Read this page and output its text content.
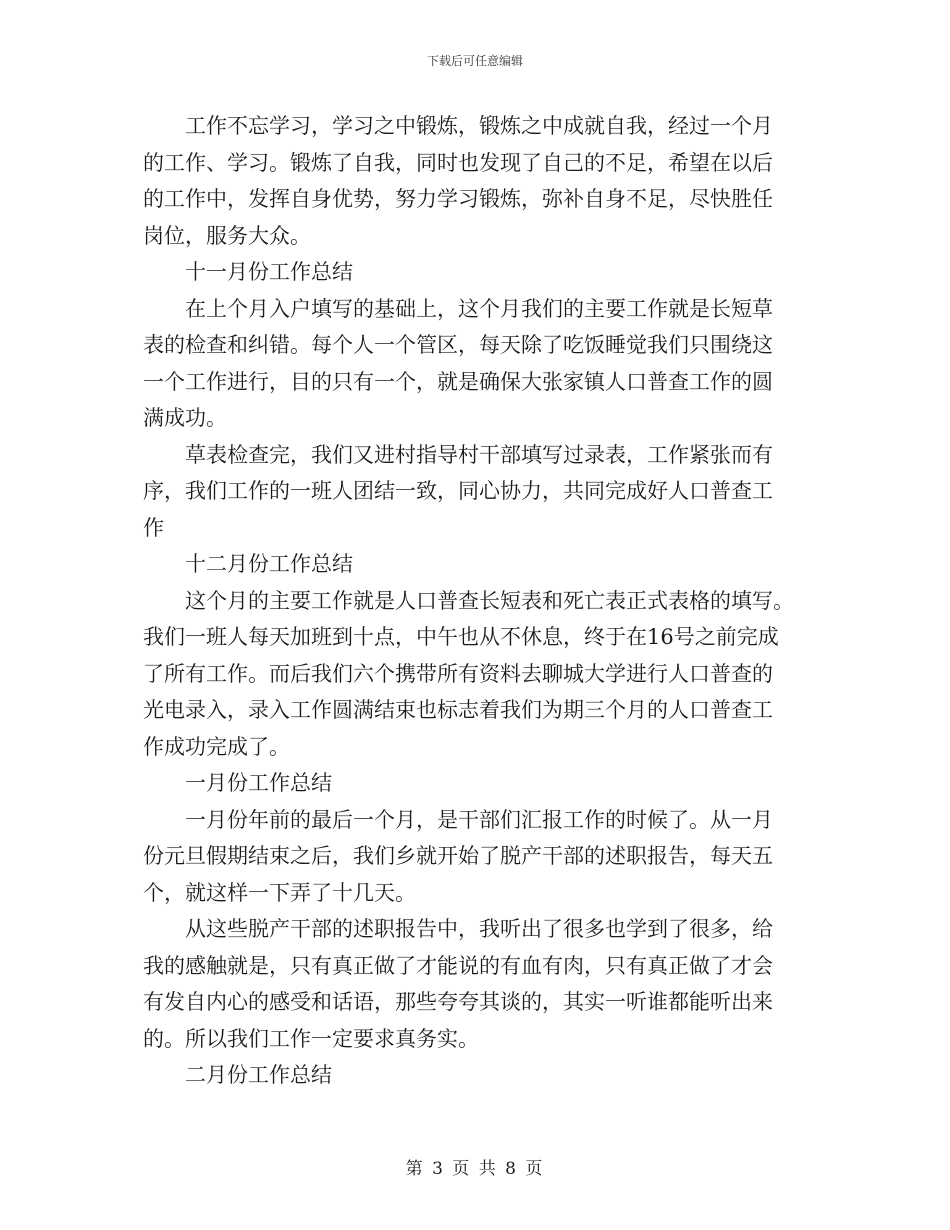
下载后可任意编辑
工作不忘学习，学习之中锻炼，锻炼之中成就自我，经过一个月
的工作、学习。锻炼了自我，同时也发现了自己的不足，希望在以后
的工作中，发挥自身优势，努力学习锻炼，弥补自身不足，尽快胜任
岗位，服务大众。

十一月份工作总结

在上个月入户填写的基础上，这个月我们的主要工作就是长短草
表的检查和纠错。每个人一个管区，每天除了吃饭睡觉我们只围绕这
一个工作进行，目的只有一个，就是确保大张家镇人口普查工作的圆
满成功。
草表检查完，我们又进村指导村干部填写过录表，工作紧张而有
序，我们工作的一班人团结一致，同心协力，共同完成好人口普查工
作

十二月份工作总结

这个月的主要工作就是人口普查长短表和死亡表正式表格的填写。
我们一班人每天加班到十点，中午也从不休息，终于在16号之前完成
了所有工作。而后我们六个携带所有资料去聊城大学进行人口普查的
光电录入，录入工作圆满结束也标志着我们为期三个月的人口普查工
作成功完成了。

一月份工作总结

一月份年前的最后一个月，是干部们汇报工作的时候了。从一月
份元旦假期结束之后，我们乡就开始了脱产干部的述职报告，每天五
个，就这样一下弄了十几天。
从这些脱产干部的述职报告中，我听出了很多也学到了很多，给
我的感触就是，只有真正做了才能说的有血有肉，只有真正做了才会
有发自内心的感受和话语，那些夸夸其谈的，其实一听谁都能听出来
的。所以我们工作一定要求真务实。

二月份工作总结

第 3 页 共 8 页
